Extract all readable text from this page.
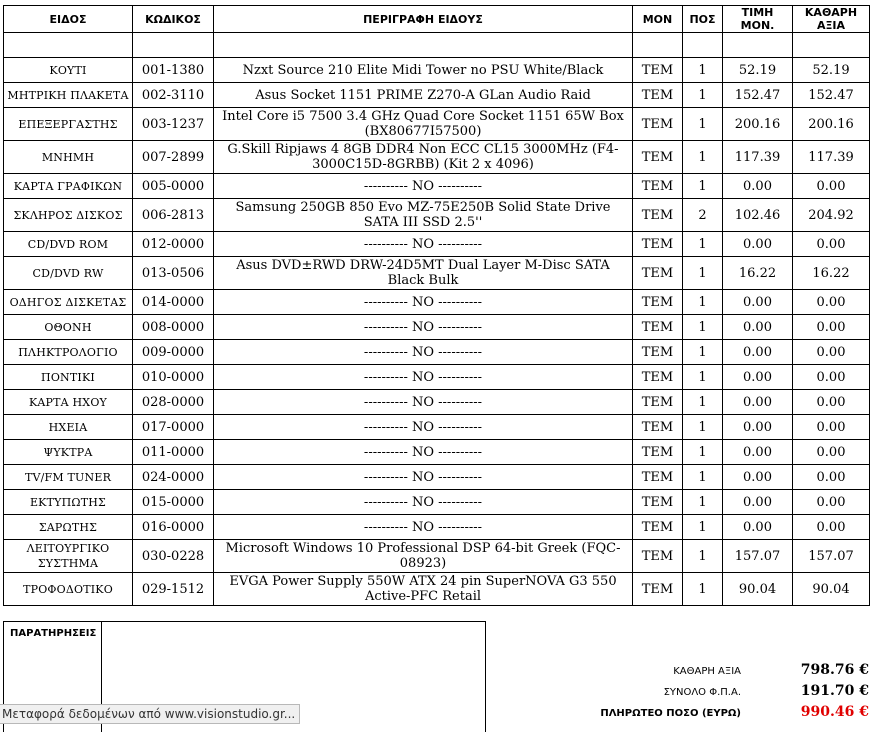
ΕΙΔΟΣ	ΚΩΔΙΚΟΣ	ΠΕΡΙΓΡΑΦΗ ΕΙΔΟΥΣ	ΜΟΝ	ΠΟΣ	ΤΙΜΗ ΜΟΝ.	ΚΑΘΑΡΗ ΑΞΙΑ

ΚΟΥΤΙ	001-1380	Nzxt Source 210 Elite Midi Tower no PSU White/Black	TEM	1	52.19	52.19
ΜΗΤΡΙΚΗ ΠΛΑΚΕΤΑ	002-3110	Asus Socket 1151 PRIME Z270-A GLan Audio Raid	TEM	1	152.47	152.47
ΕΠΕΞΕΡΓΑΣΤΗΣ	003-1237	Intel Core i5 7500 3.4 GHz Quad Core Socket 1151 65W Box (BX80677I57500)	TEM	1	200.16	200.16
ΜΝΗΜΗ	007-2899	G.Skill Ripjaws 4 8GB DDR4 Non ECC CL15 3000MHz (F4-3000C15D-8GRBB) (Kit 2 x 4096)	TEM	1	117.39	117.39
ΚΑΡΤΑ ΓΡΑΦΙΚΩΝ	005-0000	---------- NO ----------	TEM	1	0.00	0.00
ΣΚΛΗΡΟΣ ΔΙΣΚΟΣ	006-2813	Samsung 250GB 850 Evo MZ-75E250B Solid State Drive SATA III SSD 2.5''	TEM	2	102.46	204.92
CD/DVD ROM	012-0000	---------- NO ----------	TEM	1	0.00	0.00
CD/DVD RW	013-0506	Asus DVD±RWD DRW-24D5MT Dual Layer M-Disc SATA Black Bulk	TEM	1	16.22	16.22
ΟΔΗΓΟΣ ΔΙΣΚΕΤΑΣ	014-0000	---------- NO ----------	TEM	1	0.00	0.00
ΟΘΟΝΗ	008-0000	---------- NO ----------	TEM	1	0.00	0.00
ΠΛΗΚΤΡΟΛΟΓΙΟ	009-0000	---------- NO ----------	TEM	1	0.00	0.00
ΠΟΝΤΙΚΙ	010-0000	---------- NO ----------	TEM	1	0.00	0.00
ΚΑΡΤΑ ΗΧΟΥ	028-0000	---------- NO ----------	TEM	1	0.00	0.00
ΗΧΕΙΑ	017-0000	---------- NO ----------	TEM	1	0.00	0.00
ΨΥΚΤΡΑ	011-0000	---------- NO ----------	TEM	1	0.00	0.00
TV/FM TUNER	024-0000	---------- NO ----------	TEM	1	0.00	0.00
ΕΚΤΥΠΩΤΗΣ	015-0000	---------- NO ----------	TEM	1	0.00	0.00
ΣΑΡΩΤΗΣ	016-0000	---------- NO ----------	TEM	1	0.00	0.00
ΛΕΙΤΟΥΡΓΙΚΟ ΣΥΣΤΗΜΑ	030-0228	Microsoft Windows 10 Professional DSP 64-bit Greek (FQC-08923)	TEM	1	157.07	157.07
ΤΡΟΦΟΔΟΤΙΚΟ	029-1512	EVGA Power Supply 550W ATX 24 pin SuperNOVA G3 550 Active-PFC Retail	TEM	1	90.04	90.04
ΠΑΡΑΤΗΡΗΣΕΙΣ
ΚΑΘΑΡΗ ΑΞΙΑ	798.76 €
ΣΥΝΟΛΟ Φ.Π.Α.	191.70 €
ΠΛΗΡΩΤΕΟ ΠΟΣΟ (ΕΥΡΩ)	990.46 €
Μεταφορά δεδομένων από www.visionstudio.gr...
